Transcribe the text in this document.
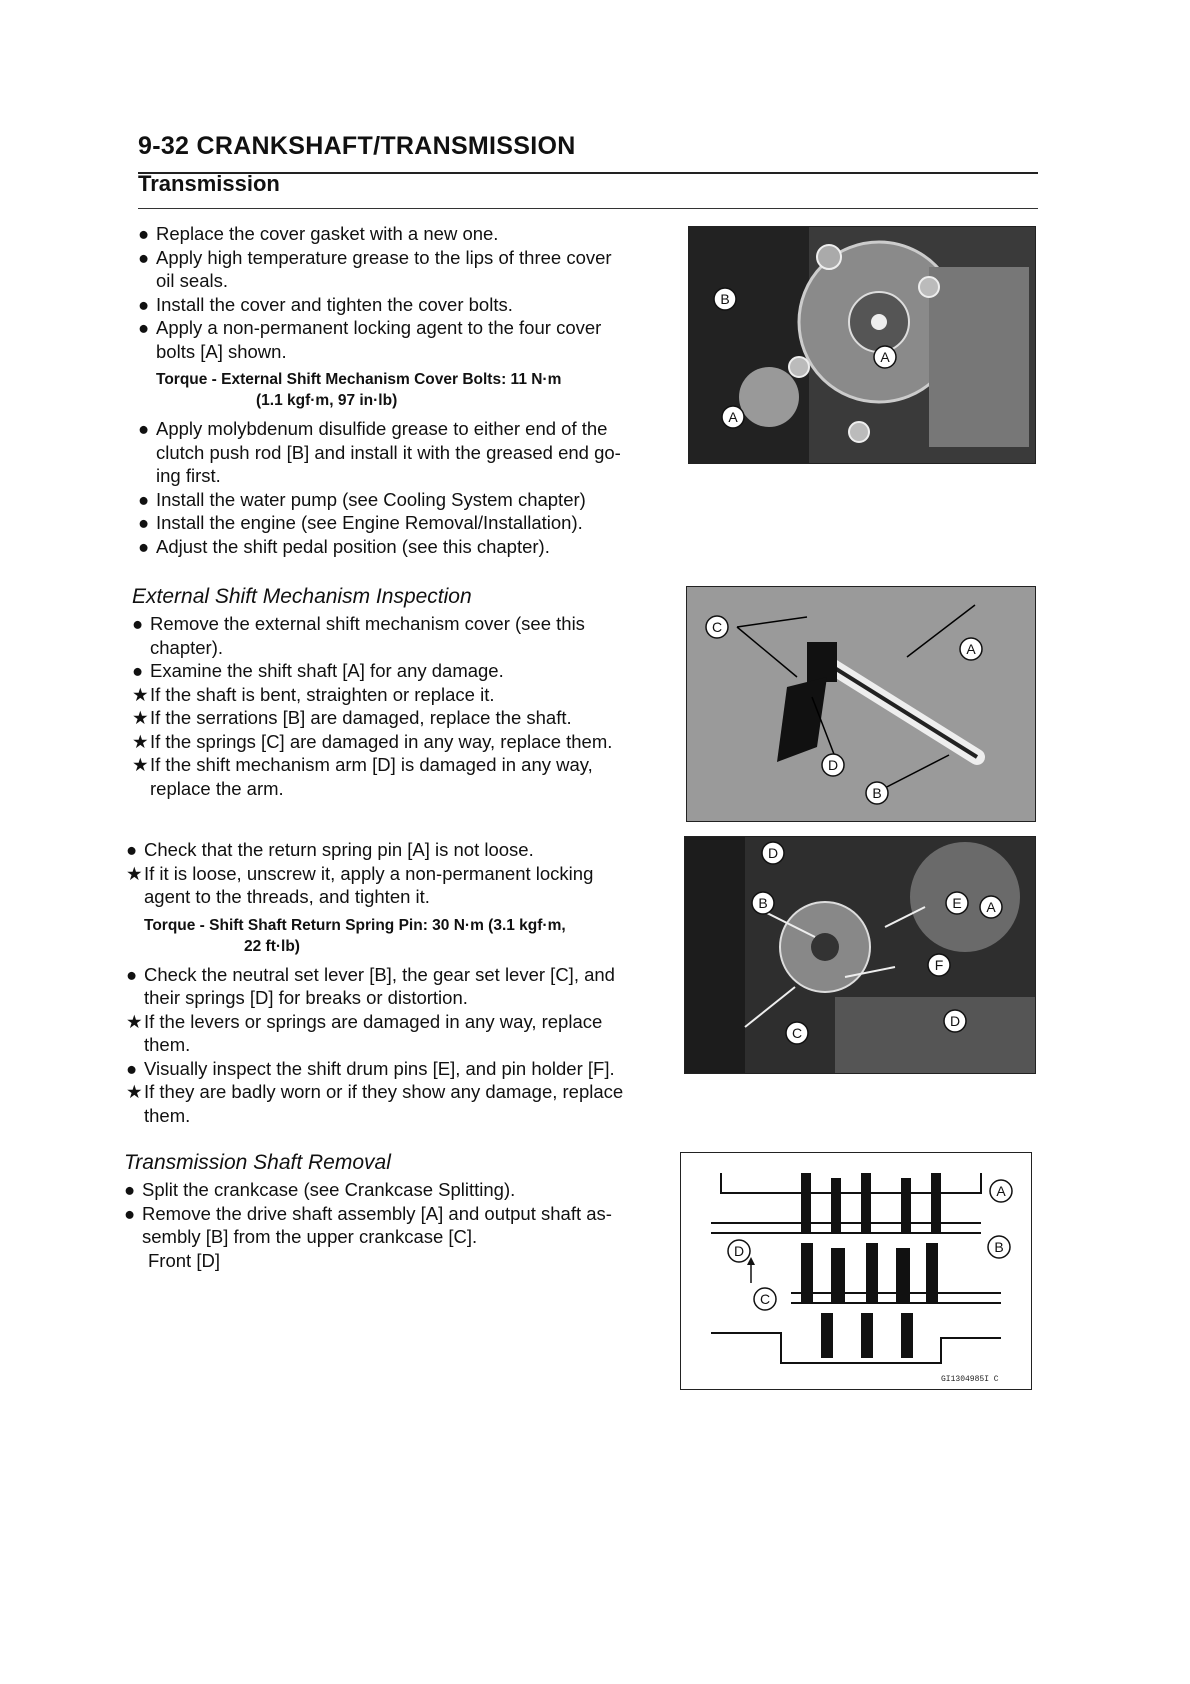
9-32 CRANKSHAFT/TRANSMISSION
Transmission
● Replace the cover gasket with a new one.
● Apply high temperature grease to the lips of three cover
oil seals.
● Install the cover and tighten the cover bolts.
● Apply a non-permanent locking agent to the four cover
bolts [A] shown.
Torque - External Shift Mechanism Cover Bolts: 11 N·m
(1.1 kgf·m, 97 in·lb)
● Apply molybdenum disulfide grease to either end of the
clutch push rod [B] and install it with the greased end go-
ing first.
● Install the water pump (see Cooling System chapter)
● Install the engine (see Engine Removal/Installation).
● Adjust the shift pedal position (see this chapter).
External Shift Mechanism Inspection
● Remove the external shift mechanism cover (see this
chapter).
● Examine the shift shaft [A] for any damage.
★ If the shaft is bent, straighten or replace it.
★ If the serrations [B] are damaged, replace the shaft.
★ If the springs [C] are damaged in any way, replace them.
★ If the shift mechanism arm [D] is damaged in any way,
replace the arm.
● Check that the return spring pin [A] is not loose.
★ If it is loose, unscrew it, apply a non-permanent locking
agent to the threads, and tighten it.
Torque - Shift Shaft Return Spring Pin: 30 N·m (3.1 kgf·m,
22 ft·lb)
● Check the neutral set lever [B], the gear set lever [C], and
their springs [D] for breaks or distortion.
★ If the levers or springs are damaged in any way, replace
them.
● Visually inspect the shift drum pins [E], and pin holder [F].
★ If they are badly worn or if they show any damage, replace
them.
Transmission Shaft Removal
● Split the crankcase (see Crankcase Splitting).
● Remove the drive shaft assembly [A] and output shaft as-
sembly [B] from the upper crankcase [C].
Front [D]
B
A
A
C
A
D
B
D
B	E A
F
D
C
A
B
D
C
GI1304985I C
